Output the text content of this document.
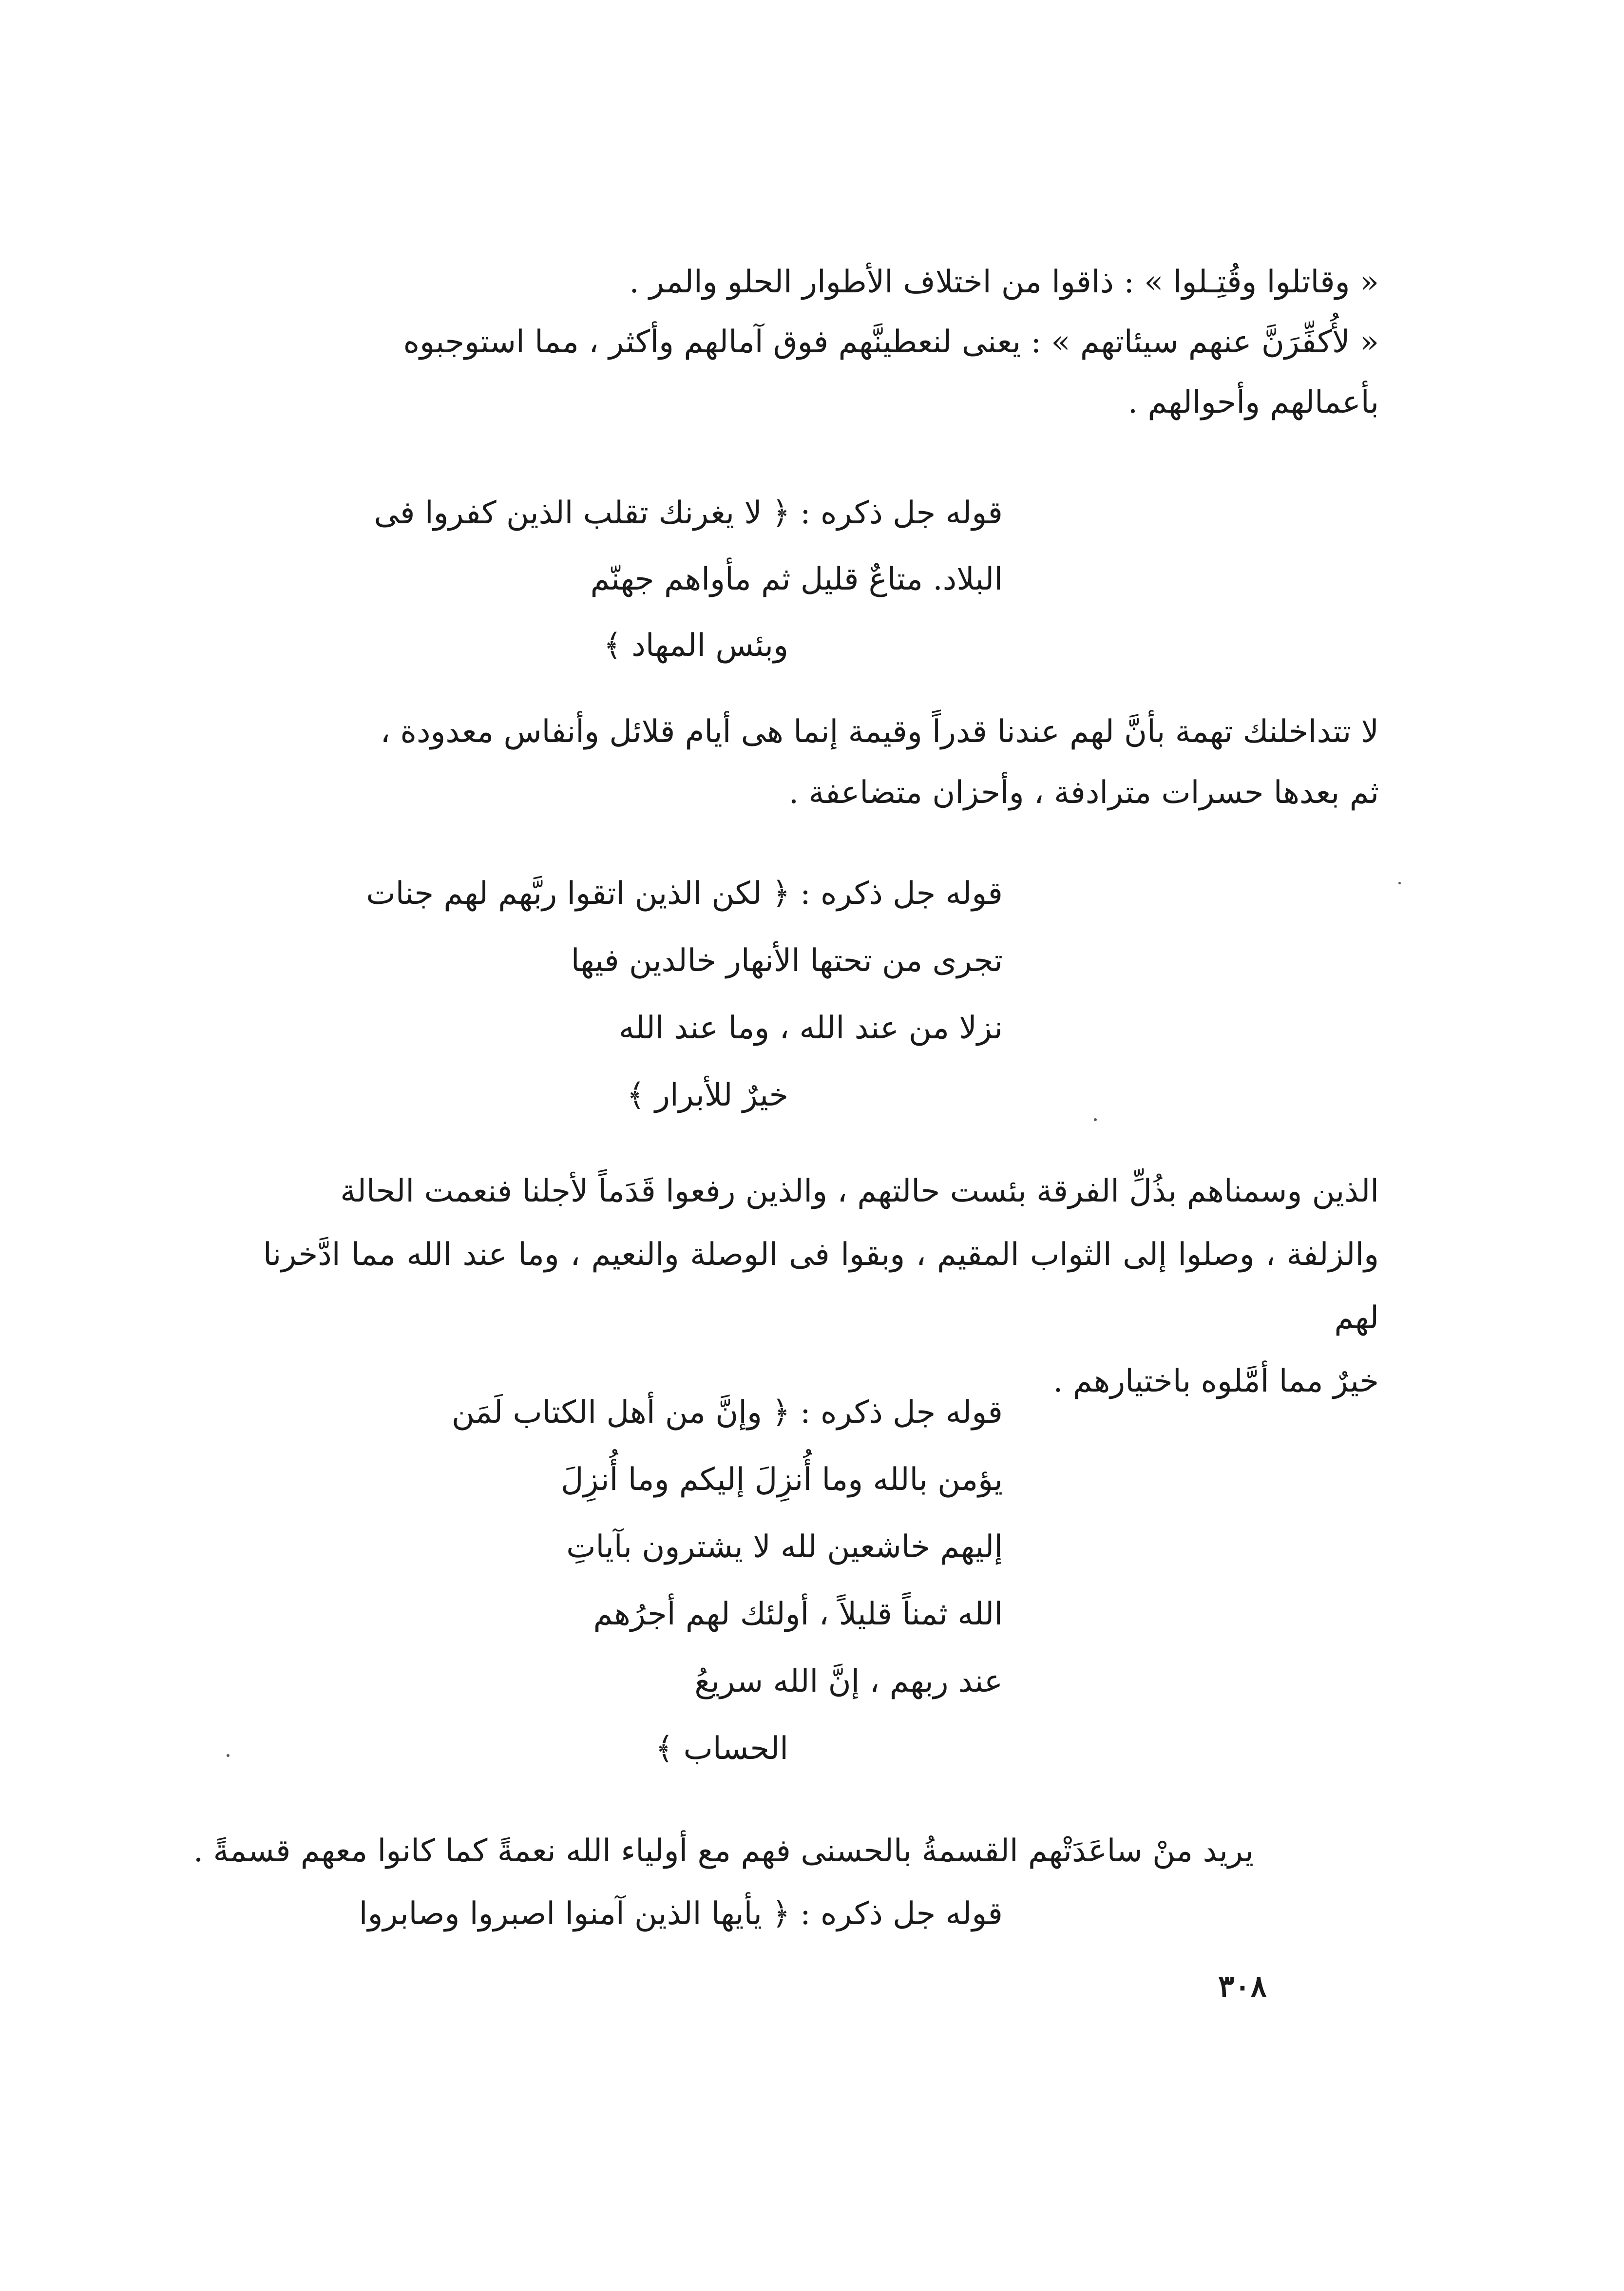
« وقاتلوا وقُتِـلوا » : ذاقوا من اختلاف الأطوار الحلو والمر .

« لأُكفِّرَنَّ عنهم سيئاتهم » : يعنى لنعطينَّهم فوق آمالهم وأكثر ، مما استوجبوه
بأعمالهم وأحوالهم .

قوله جل ذكره : ﴿ لا يغرنك تقلب الذين كفروا فى
البلاد. متاعٌ قليل ثم مأواهم جهنّم
وبئس المهاد ﴾

لا تتداخلنك تهمة بأنَّ لهم عندنا قدراً وقيمة إنما هى أيام قلائل وأنفاس معدودة ،
ثم بعدها حسرات مترادفة ، وأحزان متضاعفة .

قوله جل ذكره : ﴿ لكن الذين اتقوا ربَّهم لهم جنات
تجرى من تحتها الأنهار خالدين فيها
نزلا من عند الله ، وما عند الله
خيرٌ للأبرار ﴾

الذين وسمناهم بذُلِّ الفرقة بئست حالتهم ، والذين رفعوا قَدَماً لأجلنا فنعمت الحالة
والزلفة ، وصلوا إلى الثواب المقيم ، وبقوا فى الوصلة والنعيم ، وما عند الله مما ادَّخرنا لهم
خيرٌ مما أمَّلوه باختيارهم .

قوله جل ذكره : ﴿ وإنَّ من أهل الكتاب لَمَن
يؤمن بالله وما أُنزِلَ إليكم وما أُنزِلَ
إليهم خاشعين لله لا يشترون بآياتِ
الله ثمناً قليلاً ، أولئك لهم أجرُهم
عند ربهم ، إنَّ الله سريعُ
الحساب ﴾

يريد منْ ساعَدَتْهم القسمةُ بالحسنى فهم مع أولياء الله نعمةً كما كانوا معهم قسمةً .

قوله جل ذكره : ﴿ يأيها الذين آمنوا اصبروا وصابروا

٣٠٨
